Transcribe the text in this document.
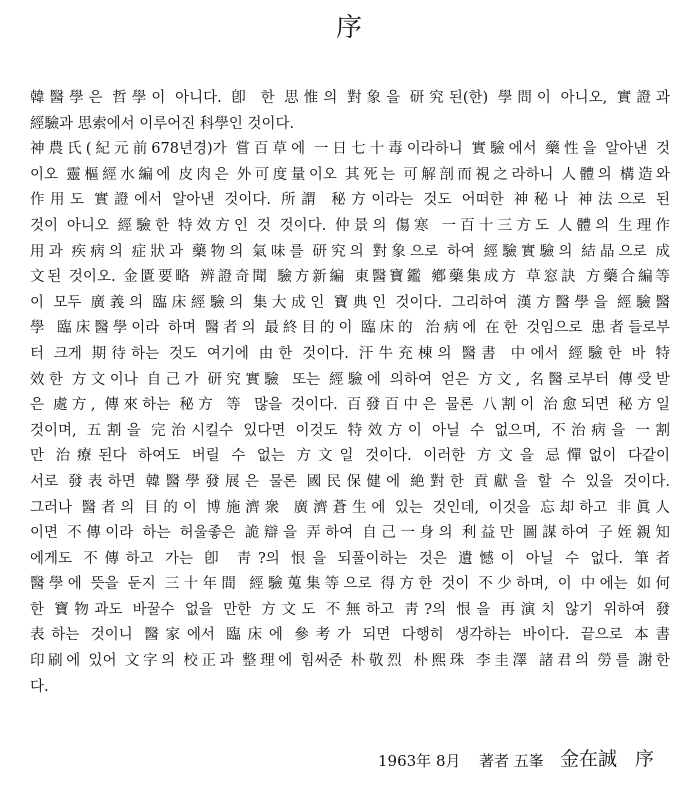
序
韓醫學은 哲學이 아니다. 卽 한 思惟의 對象을 研究된(한) 學問이 아니오, 實證과
經驗과 思索에서 이루어진 科學인 것이다.
神農氏(紀元前678년경)가 嘗百草에 一日七十毒이라하니 實驗에서 藥性을 알아낸 것
이오 靈樞經水編에 皮肉은 外可度量이오 其死는 可解剖而視之라하니 人體의 構造와
作用도 實證에서 알아낸 것이다. 所謂 秘方이라는 것도 어떠한 神秘나 神法으로 된
것이 아니오 經驗한 特效方인 것 것이다. 仲景의 傷寒 一百十三方도 人體의 生理作
用과 疾病의 症狀과 藥物의 氣味를 研究의 對象으로 하여 經驗實驗의 結晶으로 成
文된 것이오. 金匱要略 辨證奇聞 驗方新編 東醫寶鑑 鄕藥集成方 草窓訣 方藥合編等
이 모두 廣義의 臨床經驗의 集大成인 寶典인 것이다. 그리하여 漢方醫學을 經驗醫
學 臨床醫學이라 하며 醫者의 最終目的이 臨床的 治病에 在한 것임으로 患者들로부
터 크게 期待하는 것도 여기에 由한 것이다. 汗牛充棟의 醫書 中에서 經驗한 바 特
效한 方文이나 自己가 研究實驗 또는 經驗에 의하여 얻은 方文, 名醫로부터 傳受받
은 處方, 傳來하는 秘方 等 많을 것이다. 百發百中은 물론 八割이 治愈되면 秘方일
것이며, 五割을 完治시킬수 있다면 이것도 特效方이 아닐 수 없으며, 不治病을 一割
만 治療된다 하여도 버릴 수 없는 方文일 것이다. 이러한 方文을 忌憚없이 다같이
서로 發表하면 韓醫學發展은 물론 國民保健에 絶對한 貢獻을 할 수 있을 것이다.
그러나 醫者의 目的이 博施濟衆 廣濟蒼生에 있는 것인데, 이것을 忘却하고 非眞人
이면 不傳이라 하는 허울좋은 詭辯을 弄하여 自己一身의 利益만 圖謀하여 子姪親知
에게도 不傳하고 가는 卽 靑?의 恨을 되풀이하는 것은 遺憾이 아닐 수 없다. 筆者
醫學에 뜻을 둔지 三十年間 經驗蒐集等으로 得方한 것이 不少하며, 이 中에는 如何
한 寶物과도 바꿀수 없을 만한 方文도 不無하고 靑?의 恨을 再演치 않기 위하여 發
表하는 것이니 醫家에서 臨床에 參考가 되면 다행히 생각하는 바이다. 끝으로 本書
印刷에 있어 文字의 校正과 整理에 힘써준 朴敬烈 朴熙珠 李圭澤 諸君의 勞를 謝한
다.
1963年 8月 著者 五峯 金在誠 序
